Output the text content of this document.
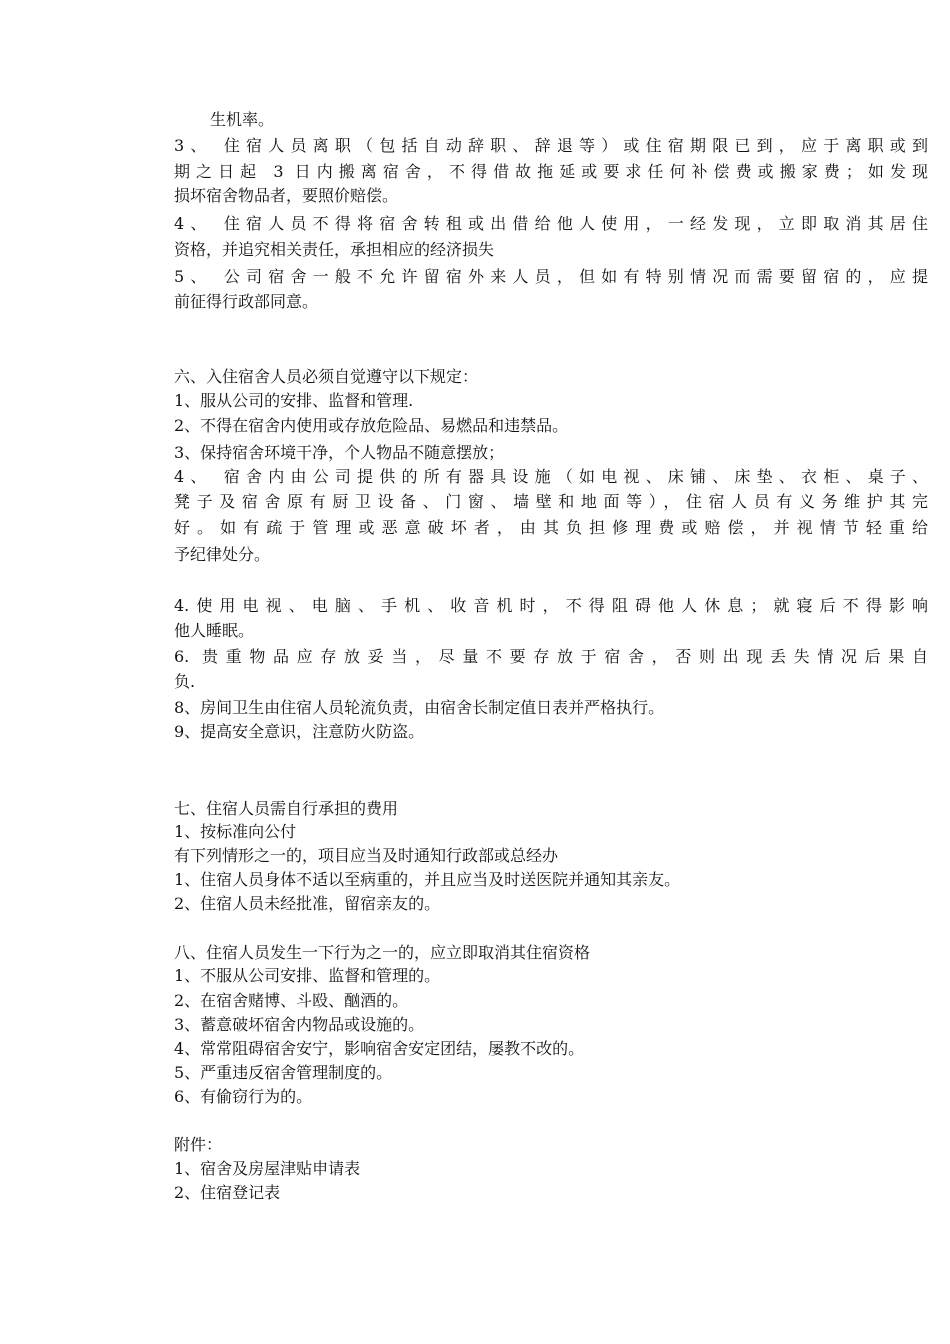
生机率。

3、 住宿人员离职（包括自动辞职、辞退等）或住宿期限已到，应于离职或到

期之日起 3 日内搬离宿舍，不得借故拖延或要求任何补偿费或搬家费；如发现

损坏宿舍物品者，要照价赔偿。

4、 住宿人员不得将宿舍转租或出借给他人使用，一经发现，立即取消其居住

资格，并追究相关责任，承担相应的经济损失

5、 公司宿舍一般不允许留宿外来人员，但如有特别情况而需要留宿的，应提

前征得行政部同意。

六、入住宿舍人员必须自觉遵守以下规定：

1、服从公司的安排、监督和管理.

2、不得在宿舍内使用或存放危险品、易燃品和违禁品。

3、保持宿舍环境干净，个人物品不随意摆放；

4、 宿舍内由公司提供的所有器具设施（如电视、床铺、床垫、衣柜、桌子、

凳子及宿舍原有厨卫设备、门窗、墙壁和地面等），住宿人员有义务维护其完

好。如有疏于管理或恶意破坏者，由其负担修理费或赔偿，并视情节轻重给

予纪律处分。

4.使用电视、电脑、手机、收音机时，不得阻碍他人休息；就寝后不得影响

他人睡眠。

6. 贵重物品应存放妥当，尽量不要存放于宿舍，否则出现丢失情况后果自

负.

8、房间卫生由住宿人员轮流负责，由宿舍长制定值日表并严格执行。

9、提高安全意识，注意防火防盗。

七、住宿人员需自行承担的费用

1、按标准向公付

有下列情形之一的，项目应当及时通知行政部或总经办

1、住宿人员身体不适以至病重的，并且应当及时送医院并通知其亲友。

2、住宿人员未经批准，留宿亲友的。

八、住宿人员发生一下行为之一的，应立即取消其住宿资格

1、不服从公司安排、监督和管理的。

2、在宿舍赌博、斗殴、酗酒的。

3、蓄意破坏宿舍内物品或设施的。

4、常常阻碍宿舍安宁，影响宿舍安定团结，屡教不改的。

5、严重违反宿舍管理制度的。

6、有偷窃行为的。

附件：

1、宿舍及房屋津贴申请表

2、住宿登记表
